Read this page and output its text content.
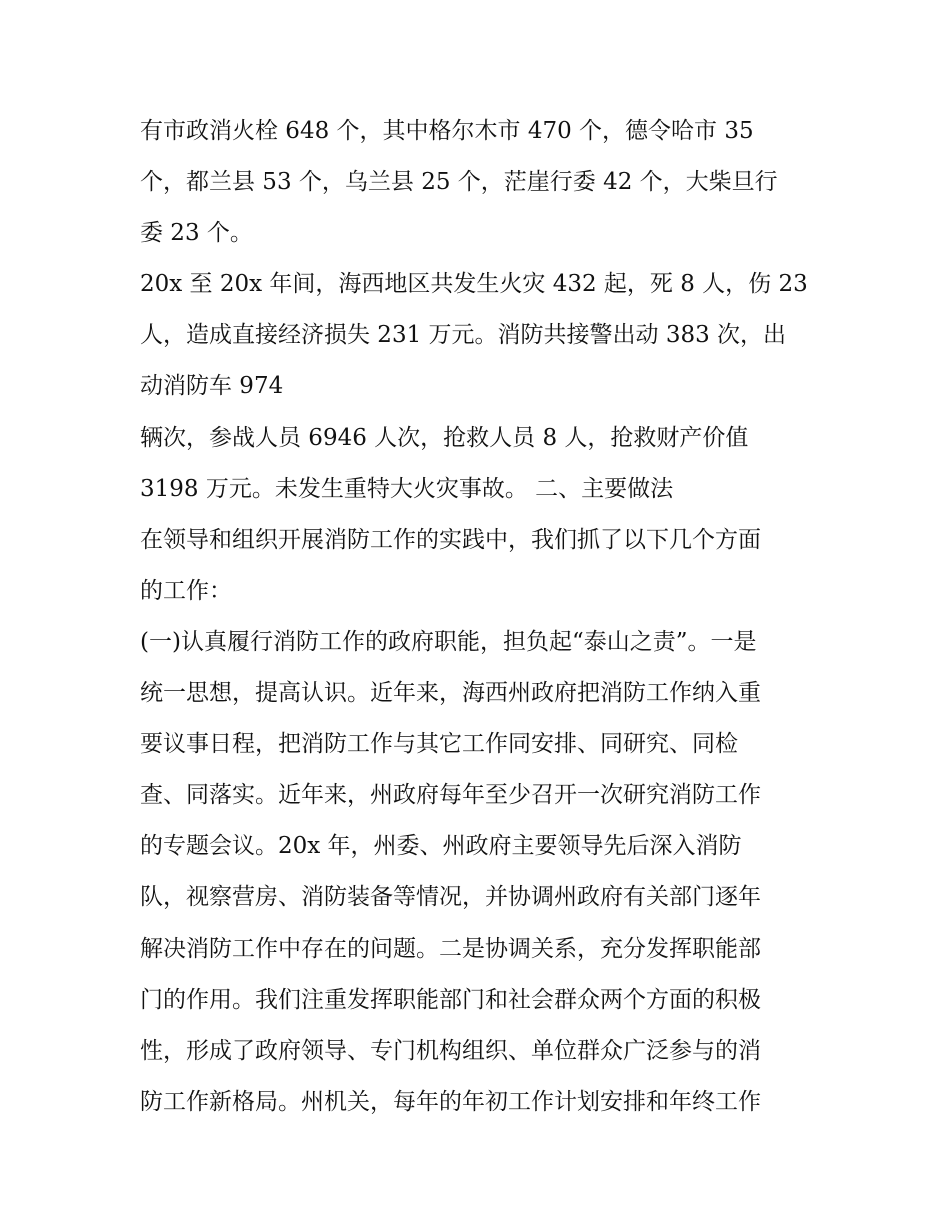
有市政消火栓 648 个，其中格尔木市 470 个，德令哈市 35
个，都兰县 53 个，乌兰县 25 个，茫崖行委 42 个，大柴旦行
委 23 个。
20x 至 20x 年间，海西地区共发生火灾 432 起，死 8 人，伤 23
人，造成直接经济损失 231 万元。消防共接警出动 383 次，出
动消防车 974
辆次，参战人员 6946 人次，抢救人员 8 人，抢救财产价值
3198 万元。未发生重特大火灾事故。 二、主要做法
在领导和组织开展消防工作的实践中，我们抓了以下几个方面
的工作：
(一)认真履行消防工作的政府职能，担负起“泰山之责”。一是
统一思想，提高认识。近年来，海西州政府把消防工作纳入重
要议事日程，把消防工作与其它工作同安排、同研究、同检
查、同落实。近年来，州政府每年至少召开一次研究消防工作
的专题会议。20x 年，州委、州政府主要领导先后深入消防
队，视察营房、消防装备等情况，并协调州政府有关部门逐年
解决消防工作中存在的问题。二是协调关系，充分发挥职能部
门的作用。我们注重发挥职能部门和社会群众两个方面的积极
性，形成了政府领导、专门机构组织、单位群众广泛参与的消
防工作新格局。州机关，每年的年初工作计划安排和年终工作
